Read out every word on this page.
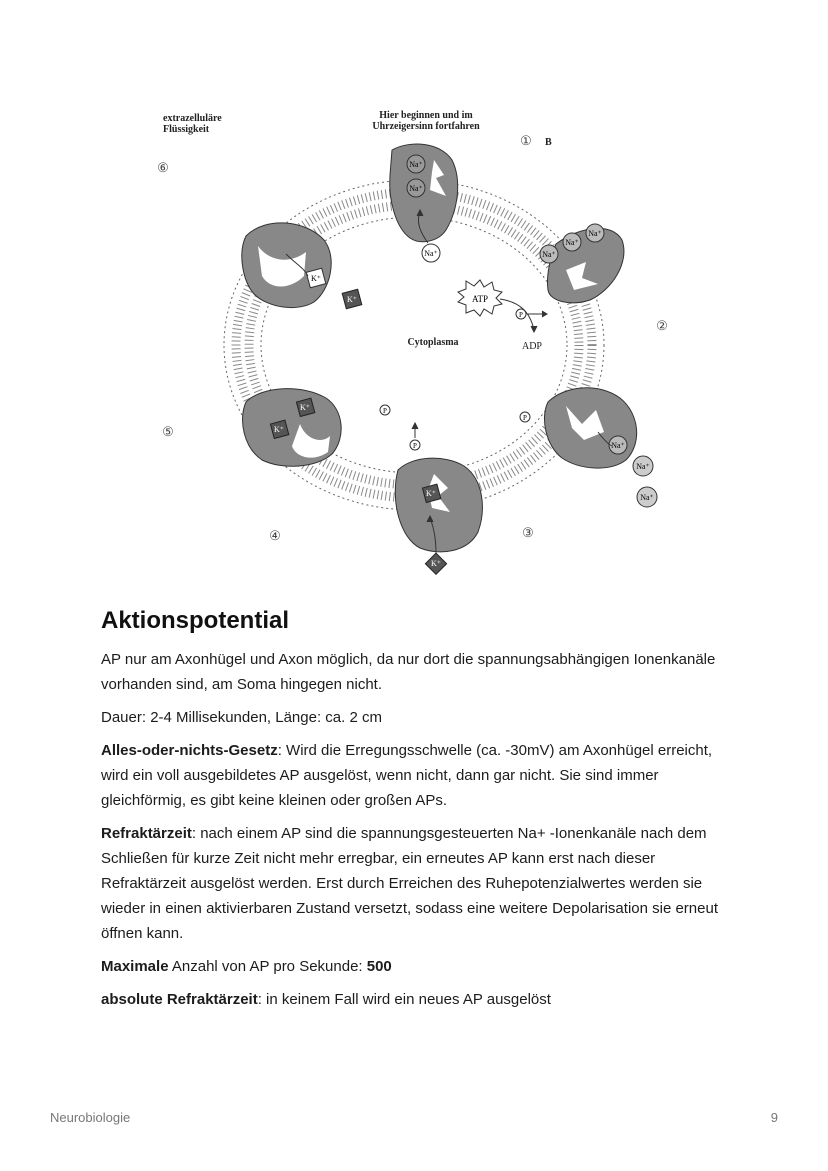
Na⁺
Na⁺
Na⁺	Na⁺
Na⁺
Na⁺
Na⁺
Na⁺
Na⁺
K⁺
K⁺
K⁺
K⁺
K⁺
K⁺
ATP
P
P
P
P
extrazelluläre
Flüssigkeit
Hier beginnen und im
Uhrzeigersinn fortfahren
Cytoplasma	ADP
B
①
②
③
④
⑤
⑥
Aktionspotential

AP nur am Axonhügel und Axon möglich, da nur dort die spannungsabhängigen Ionenkanäle vorhanden sind, am Soma hingegen nicht.

Dauer: 2-4 Millisekunden, Länge: ca. 2 cm

Alles-oder-nichts-Gesetz: Wird die Erregungsschwelle (ca. -30mV) am Axonhügel erreicht, wird ein voll ausgebildetes AP ausgelöst, wenn nicht, dann gar nicht. Sie sind immer gleichförmig, es gibt keine kleinen oder großen APs.

Refraktärzeit: nach einem AP sind die spannungsgesteuerten Na+ -Ionenkanäle nach dem Schließen für kurze Zeit nicht mehr erregbar, ein erneutes AP kann erst nach dieser Refraktärzeit ausgelöst werden. Erst durch Erreichen des Ruhepotenzialwertes werden sie wieder in einen aktivierbaren Zustand versetzt, sodass eine weitere Depolarisation sie erneut öffnen kann.

Maximale Anzahl von AP pro Sekunde: 500

absolute Refraktärzeit: in keinem Fall wird ein neues AP ausgelöst

Neurobiologie	9
